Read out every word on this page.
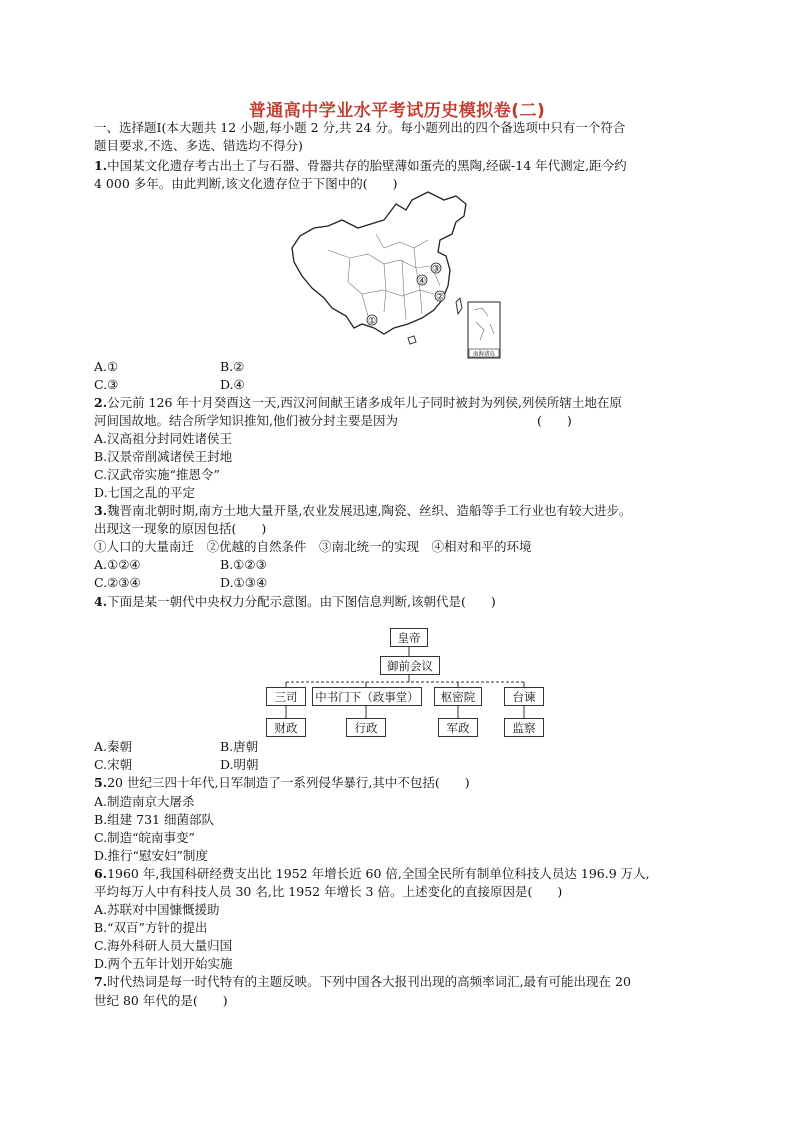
普通高中学业水平考试历史模拟卷(二)
一、选择题Ⅰ(本大题共 12 小题,每小题 2 分,共 24 分。每小题列出的四个备选项中只有一个符合
题目要求,不选、多选、错选均不得分)
1.中国某文化遗存考古出土了与石器、骨器共存的胎壁薄如蛋壳的黑陶,经碳-14 年代测定,距今约
4 000 多年。由此判断,该文化遗存位于下图中的(　　)
①
②
③
④
南海诸岛
A.①	B.②
C.③	D.④
2.公元前 126 年十月癸酉这一天,西汉河间献王诸多成年儿子同时被封为列侯,列侯所辖土地在原
河间国故地。结合所学知识推知,他们被分封主要是因为	(　　)
A.汉高祖分封同姓诸侯王
B.汉景帝削减诸侯王封地
C.汉武帝实施“推恩令”
D.七国之乱的平定
3.魏晋南北朝时期,南方土地大量开垦,农业发展迅速,陶瓷、丝织、造船等手工行业也有较大进步。
出现这一现象的原因包括(　　)
①人口的大量南迁　②优越的自然条件　③南北统一的实现　④相对和平的环境
A.①②④	B.①②③
C.②③④	D.①③④
4.下面是某一朝代中央权力分配示意图。由下图信息判断,该朝代是(　　)
皇帝
御前会议
三司	中书门下（政事堂）	枢密院	台谏
财政	行政	军政	监察
A.秦朝	B.唐朝
C.宋朝	D.明朝
5.20 世纪三四十年代,日军制造了一系列侵华暴行,其中不包括(　　)
A.制造南京大屠杀
B.组建 731 细菌部队
C.制造“皖南事变”
D.推行“慰安妇”制度
6.1960 年,我国科研经费支出比 1952 年增长近 60 倍,全国全民所有制单位科技人员达 196.9 万人,
平均每万人中有科技人员 30 名,比 1952 年增长 3 倍。上述变化的直接原因是(　　)
A.苏联对中国慷慨援助
B.“双百”方针的提出
C.海外科研人员大量归国
D.两个五年计划开始实施
7.时代热词是每一时代特有的主题反映。下列中国各大报刊出现的高频率词汇,最有可能出现在 20
世纪 80 年代的是(　　)
